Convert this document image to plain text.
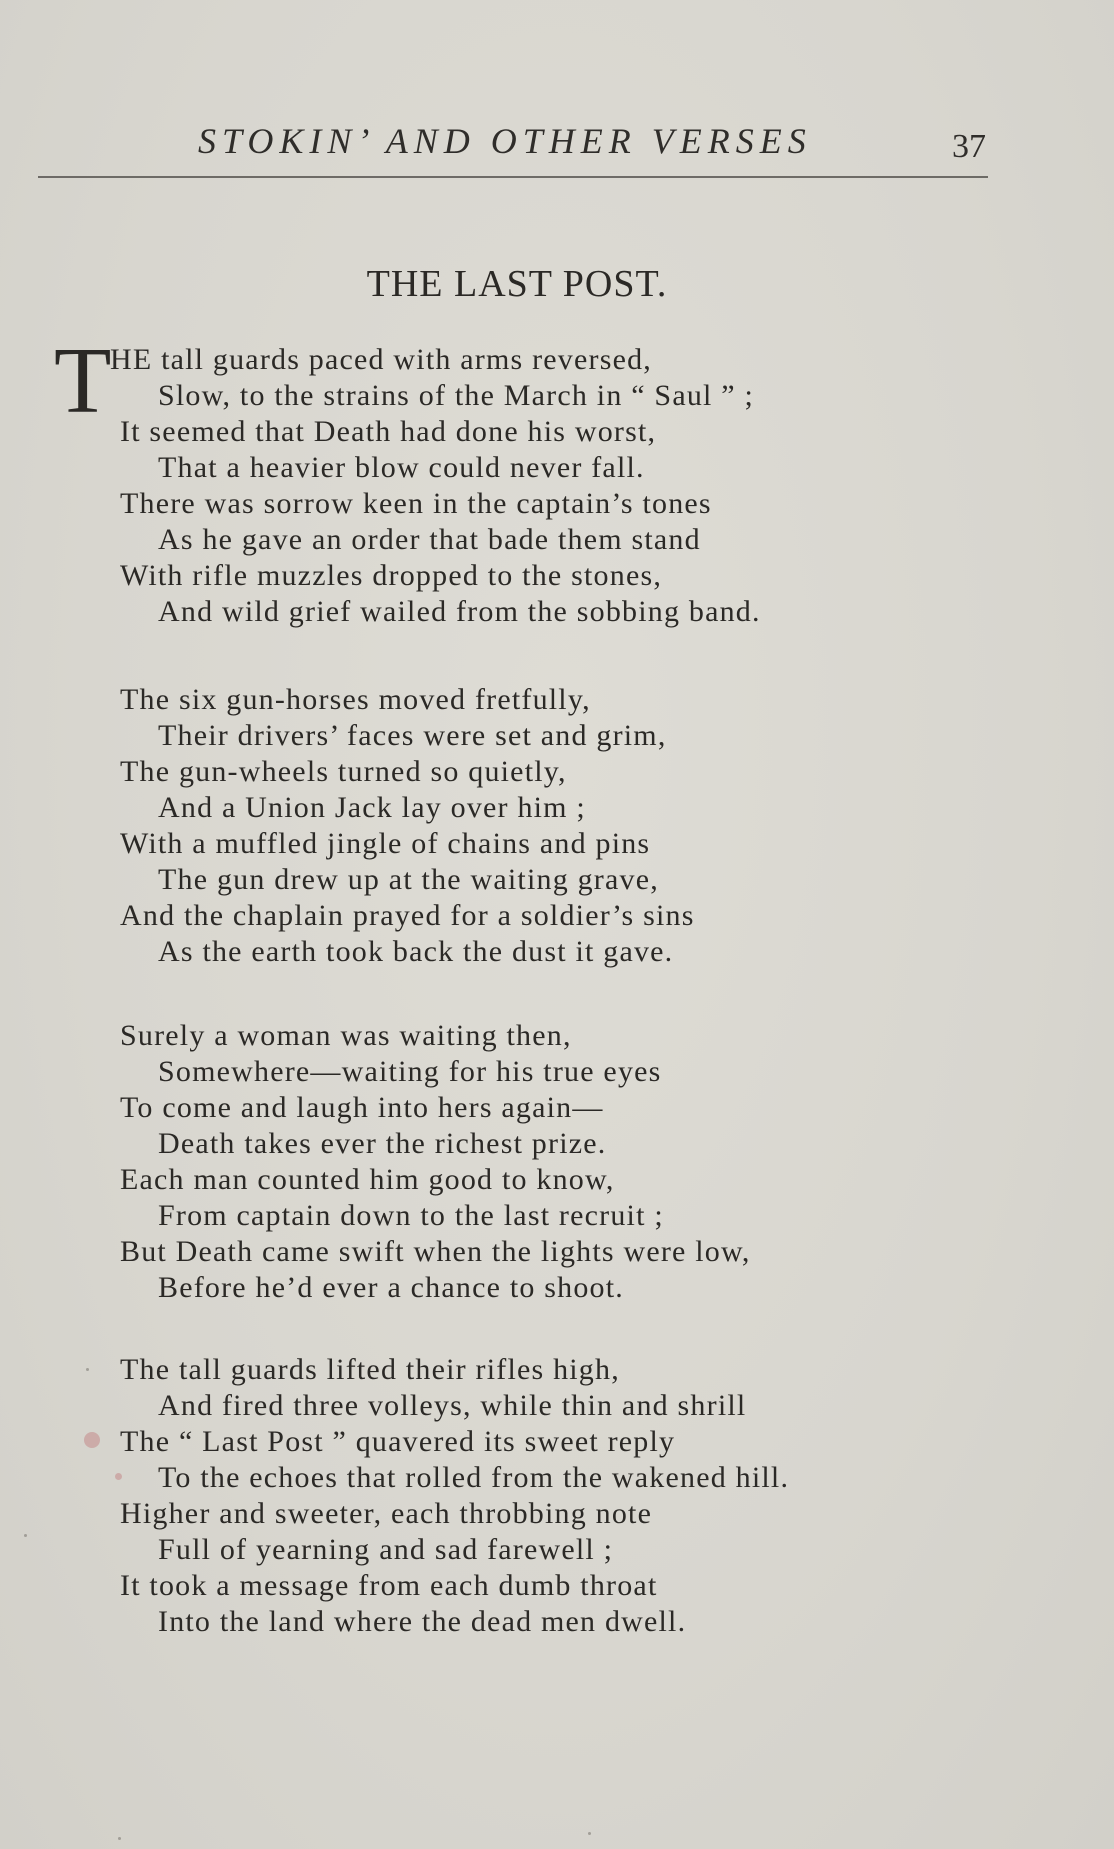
STOKIN’ AND OTHER VERSES	37
THE LAST POST.
T
HE tall guards paced with arms reversed,
Slow, to the strains of the March in “ Saul ” ;
It seemed that Death had done his worst,
That a heavier blow could never fall.
There was sorrow keen in the captain’s tones
As he gave an order that bade them stand
With rifle muzzles dropped to the stones,
And wild grief wailed from the sobbing band.
The six gun-horses moved fretfully,
Their drivers’ faces were set and grim,
The gun-wheels turned so quietly,
And a Union Jack lay over him ;
With a muffled jingle of chains and pins
The gun drew up at the waiting grave,
And the chaplain prayed for a soldier’s sins
As the earth took back the dust it gave.
Surely a woman was waiting then,
Somewhere—waiting for his true eyes
To come and laugh into hers again—
Death takes ever the richest prize.
Each man counted him good to know,
From captain down to the last recruit ;
But Death came swift when the lights were low,
Before he’d ever a chance to shoot.
The tall guards lifted their rifles high,
And fired three volleys, while thin and shrill
The “ Last Post ” quavered its sweet reply
To the echoes that rolled from the wakened hill.
Higher and sweeter, each throbbing note
Full of yearning and sad farewell ;
It took a message from each dumb throat
Into the land where the dead men dwell.
